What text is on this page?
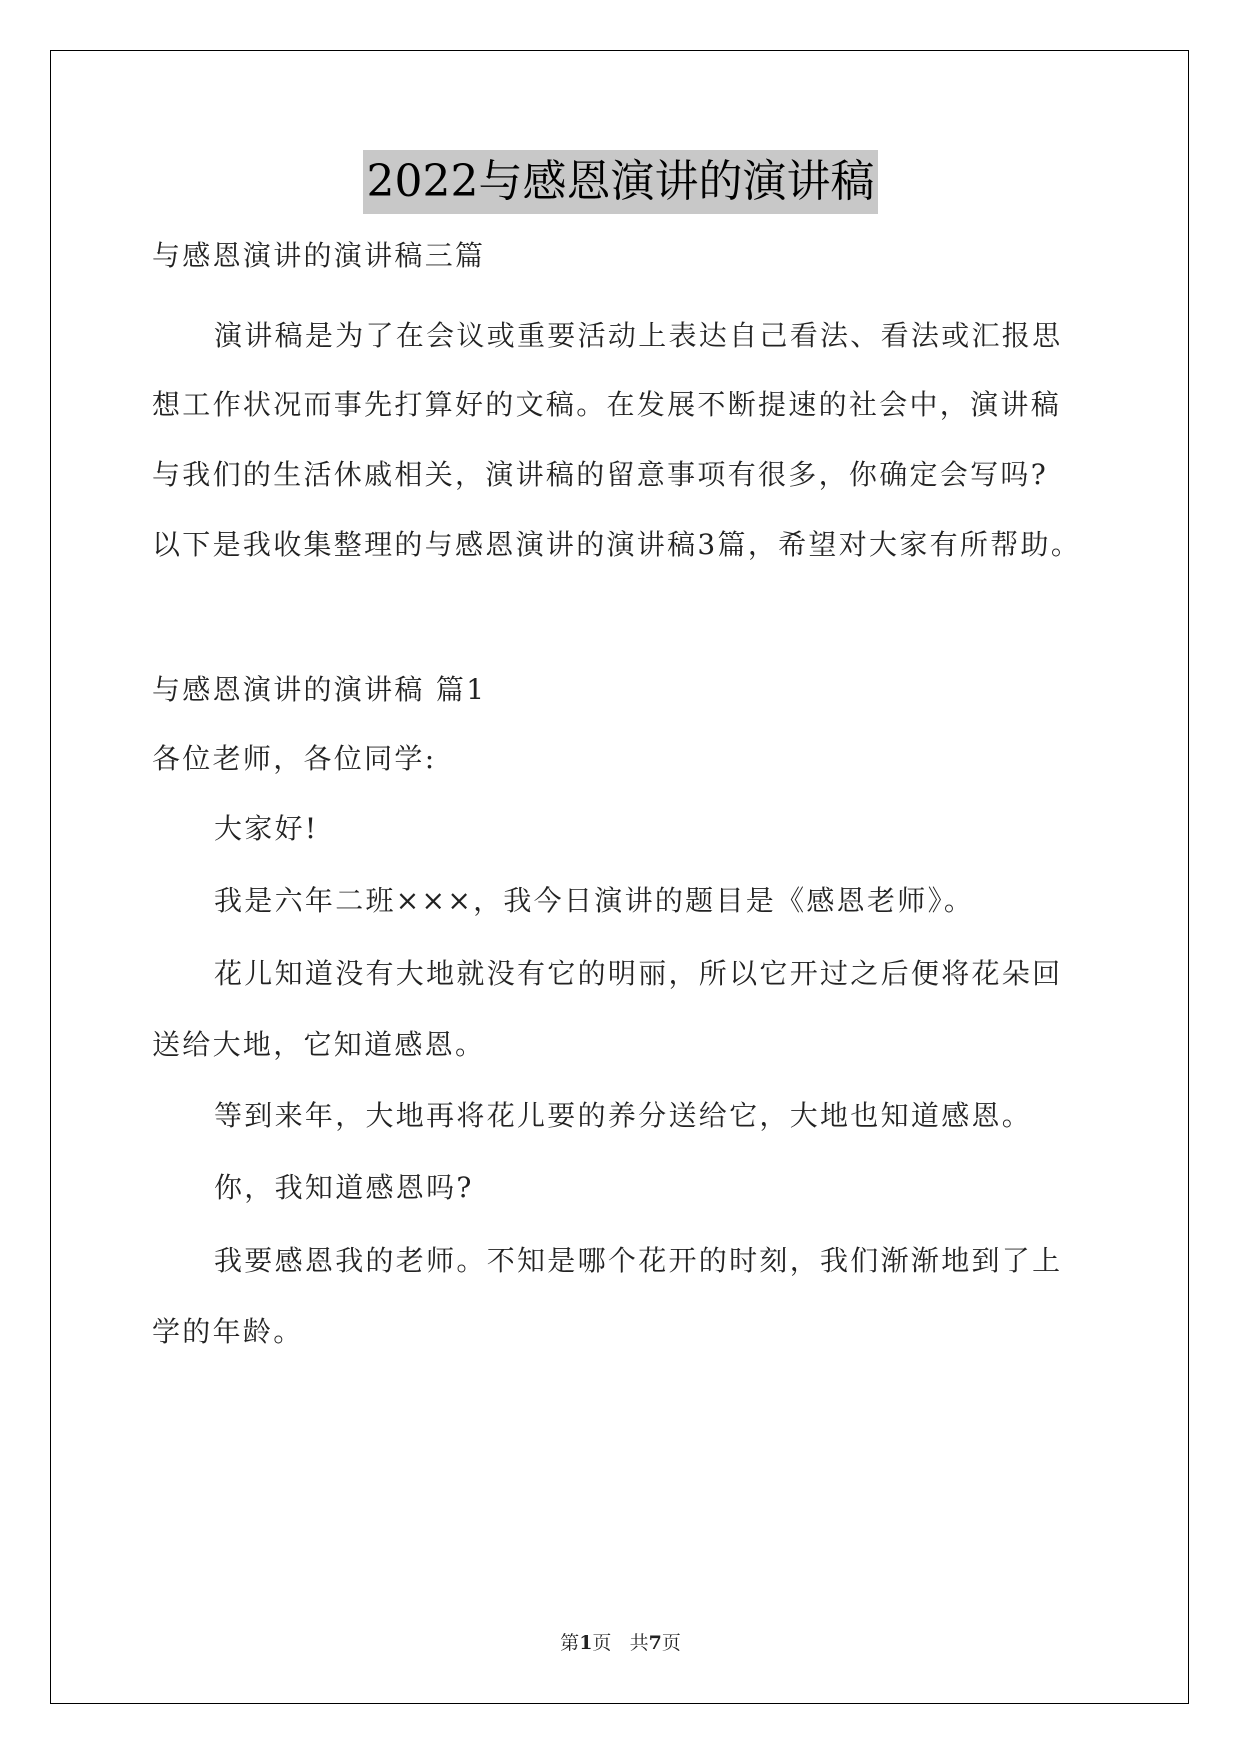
2022与感恩演讲的演讲稿
与感恩演讲的演讲稿三篇
演讲稿是为了在会议或重要活动上表达自己看法、看法或汇报思
想工作状况而事先打算好的文稿。在发展不断提速的社会中，演讲稿
与我们的生活休戚相关，演讲稿的留意事项有很多，你确定会写吗?
以下是我收集整理的与感恩演讲的演讲稿3篇，希望对大家有所帮助。
与感恩演讲的演讲稿 篇1
各位老师，各位同学:
大家好!
我是六年二班×××，我今日演讲的题目是《感恩老师》。
花儿知道没有大地就没有它的明丽，所以它开过之后便将花朵回
送给大地，它知道感恩。
等到来年，大地再将花儿要的养分送给它，大地也知道感恩。
你，我知道感恩吗?
我要感恩我的老师。不知是哪个花开的时刻，我们渐渐地到了上
学的年龄。
第1页 共7页
